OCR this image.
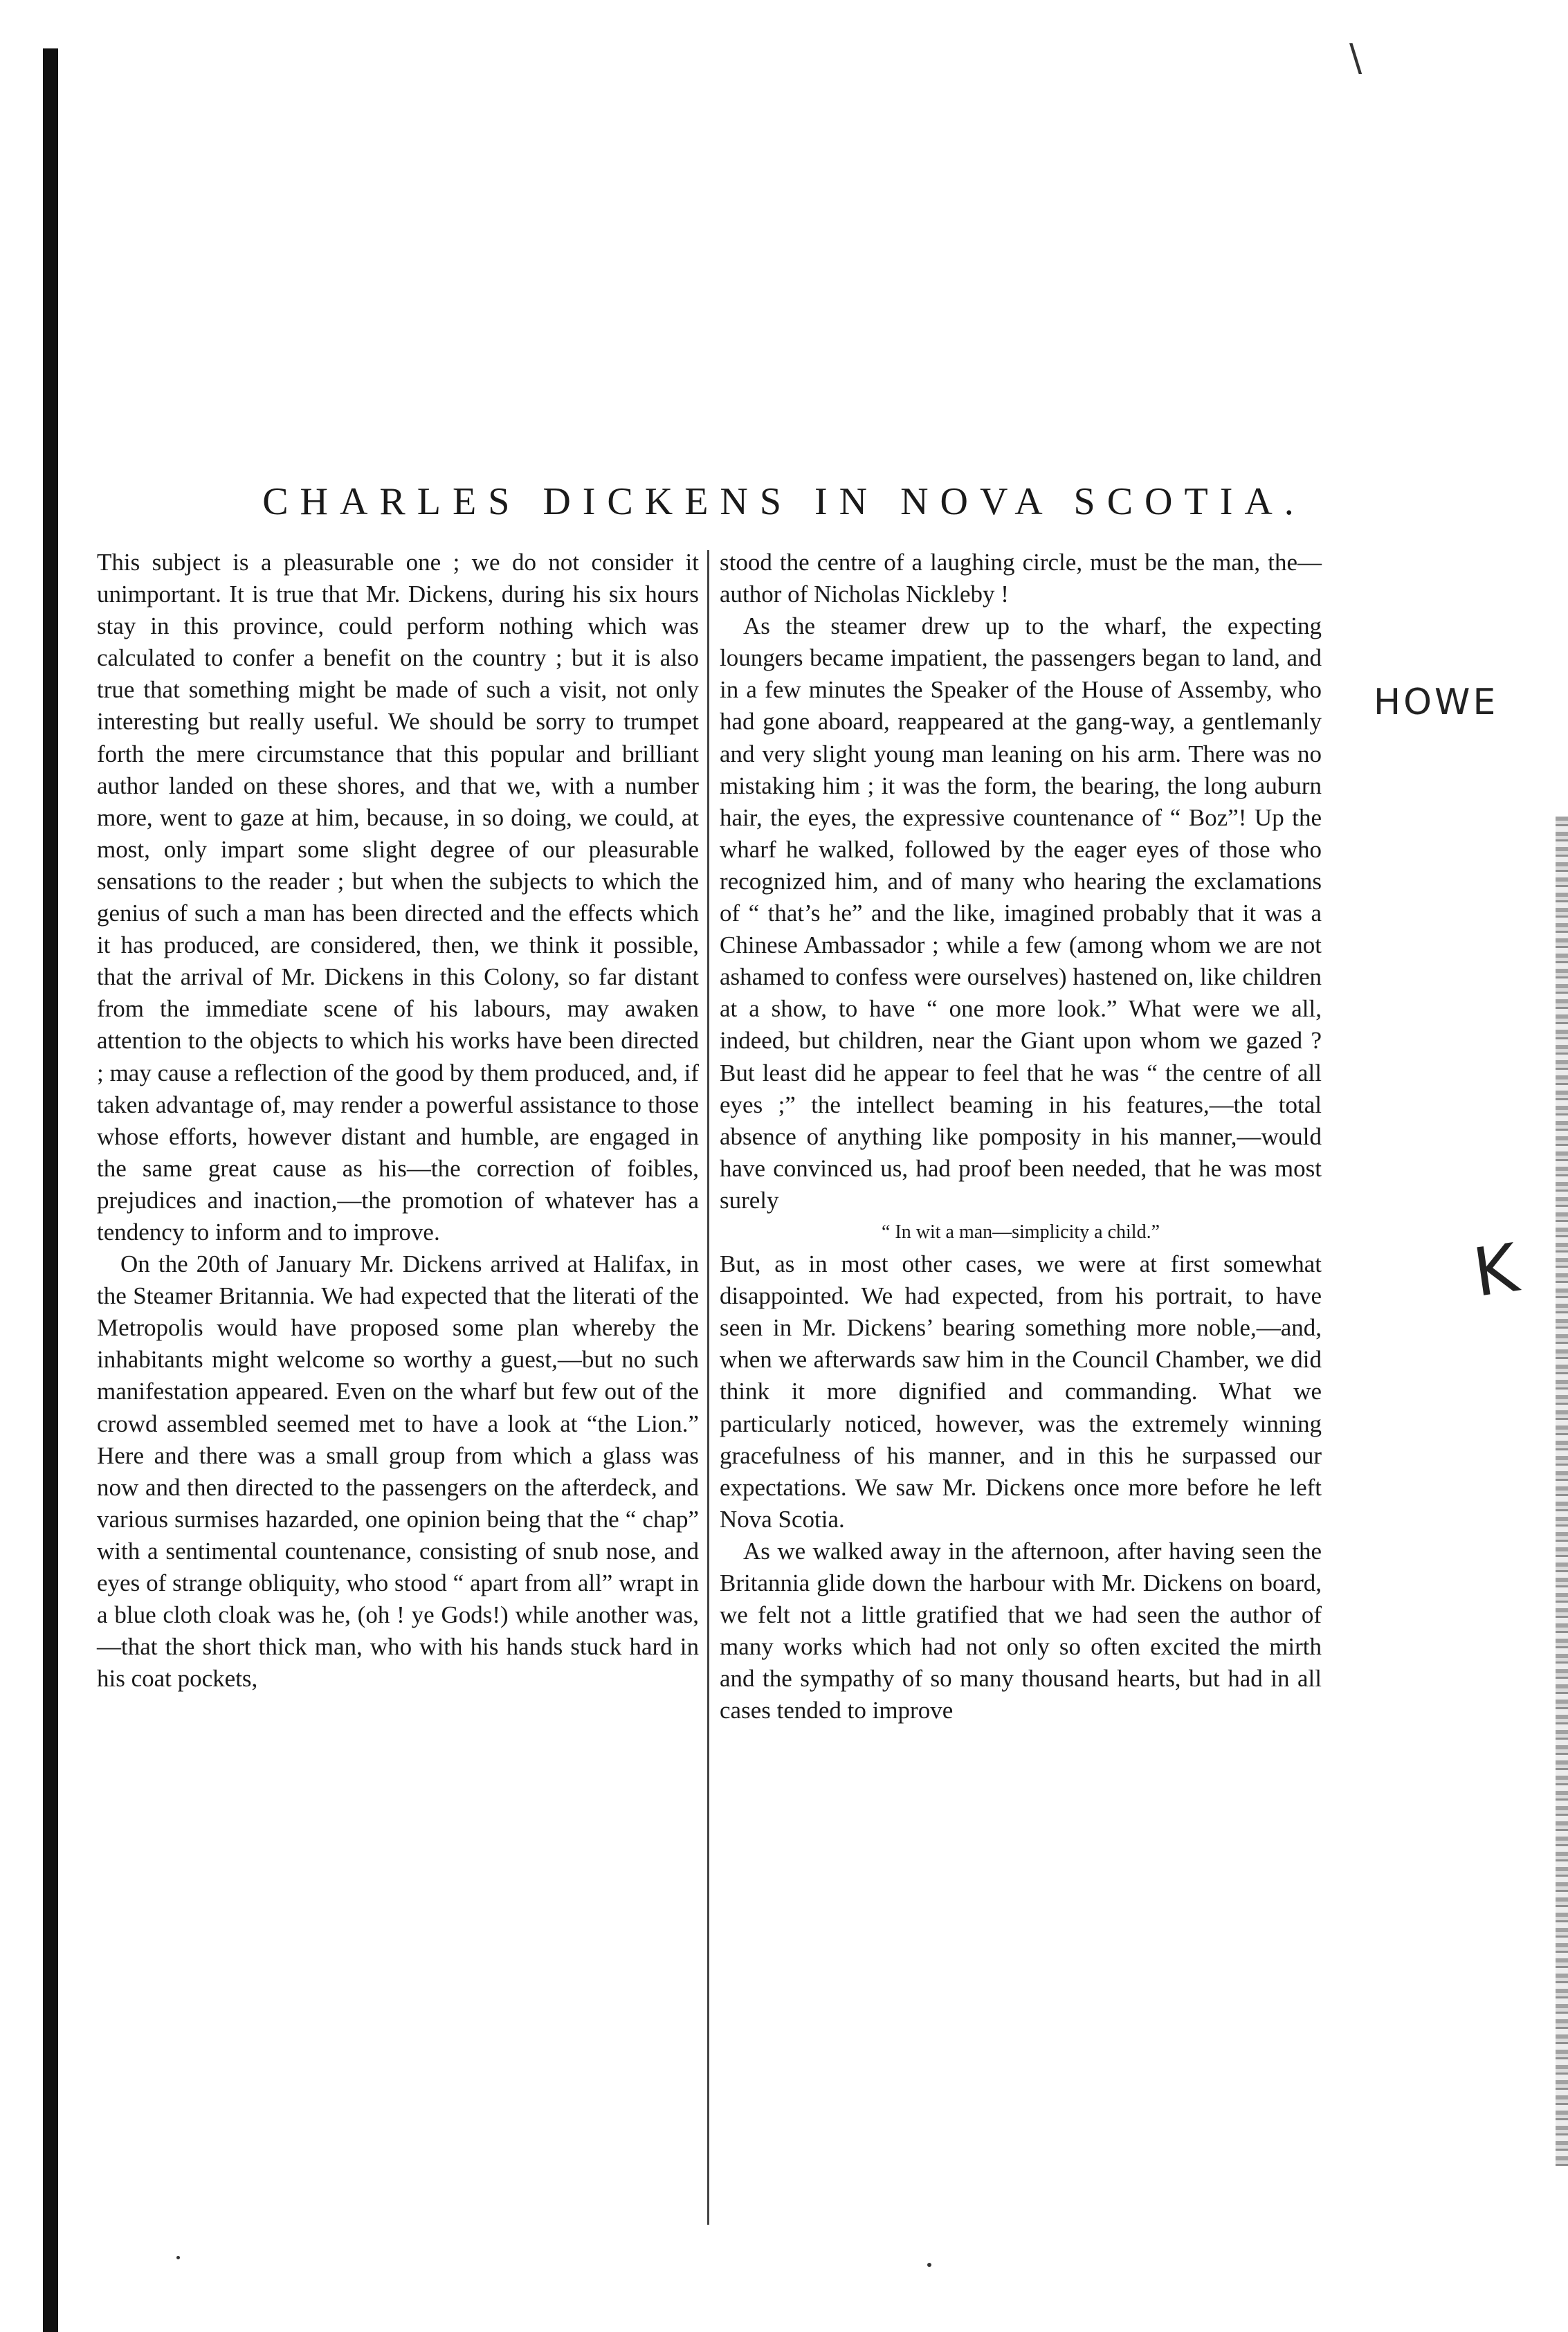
\
HOWE
K
CHARLES DICKENS IN NOVA SCOTIA.

This subject is a pleasurable one ; we do not consider it unimportant. It is true that Mr. Dickens, during his six hours stay in this province, could perform nothing which was calculated to confer a benefit on the country ; but it is also true that something might be made of such a visit, not only interesting but really useful. We should be sorry to trumpet forth the mere circumstance that this popular and brilliant author landed on these shores, and that we, with a number more, went to gaze at him, because, in so doing, we could, at most, only impart some slight degree of our pleasurable sensations to the reader ; but when the subjects to which the genius of such a man has been directed and the effects which it has produced, are considered, then, we think it possible, that the arrival of Mr. Dickens in this Colony, so far distant from the immediate scene of his labours, may awaken attention to the objects to which his works have been directed ; may cause a reflection of the good by them produced, and, if taken advantage of, may render a powerful assistance to those whose efforts, however distant and humble, are engaged in the same great cause as his—the correction of foibles, prejudices and inaction,—the promotion of whatever has a tendency to inform and to improve.

On the 20th of January Mr. Dickens arrived at Halifax, in the Steamer Britannia. We had expected that the literati of the Metropolis would have proposed some plan whereby the inhabitants might welcome so worthy a guest,—but no such manifestation appeared. Even on the wharf but few out of the crowd assembled seemed met to have a look at “the Lion.” Here and there was a small group from which a glass was now and then directed to the passengers on the afterdeck, and various surmises hazarded, one opinion being that the “ chap” with a sentimental countenance, consisting of snub nose, and eyes of strange obliquity, who stood “ apart from all” wrapt in a blue cloth cloak was he, (oh ! ye Gods!) while another was,—that the short thick man, who with his hands stuck hard in his coat pockets,

stood the centre of a laughing circle, must be the man, the—author of Nicholas Nickleby !

As the steamer drew up to the wharf, the expecting loungers became impatient, the passengers began to land, and in a few minutes the Speaker of the House of Assemby, who had gone aboard, reappeared at the gang-way, a gentlemanly and very slight young man leaning on his arm. There was no mistaking him ; it was the form, the bearing, the long auburn hair, the eyes, the expressive countenance of “ Boz”! Up the wharf he walked, followed by the eager eyes of those who recognized him, and of many who hearing the exclamations of “ that’s he” and the like, imagined probably that it was a Chinese Ambassador ; while a few (among whom we are not ashamed to confess were ourselves) hastened on, like children at a show, to have “ one more look.” What were we all, indeed, but children, near the Giant upon whom we gazed ? But least did he appear to feel that he was “ the centre of all eyes ;” the intellect beaming in his features,—the total absence of anything like pomposity in his manner,—would have convinced us, had proof been needed, that he was most surely

“ In wit a man—simplicity a child.”

But, as in most other cases, we were at first somewhat disappointed. We had expected, from his portrait, to have seen in Mr. Dickens’ bearing something more noble,—and, when we afterwards saw him in the Council Chamber, we did think it more dignified and commanding. What we particularly noticed, however, was the extremely winning gracefulness of his manner, and in this he surpassed our expectations. We saw Mr. Dickens once more before he left Nova Scotia.

As we walked away in the afternoon, after having seen the Britannia glide down the harbour with Mr. Dickens on board, we felt not a little gratified that we had seen the author of many works which had not only so often excited the mirth and the sympathy of so many thousand hearts, but had in all cases tended to improve
